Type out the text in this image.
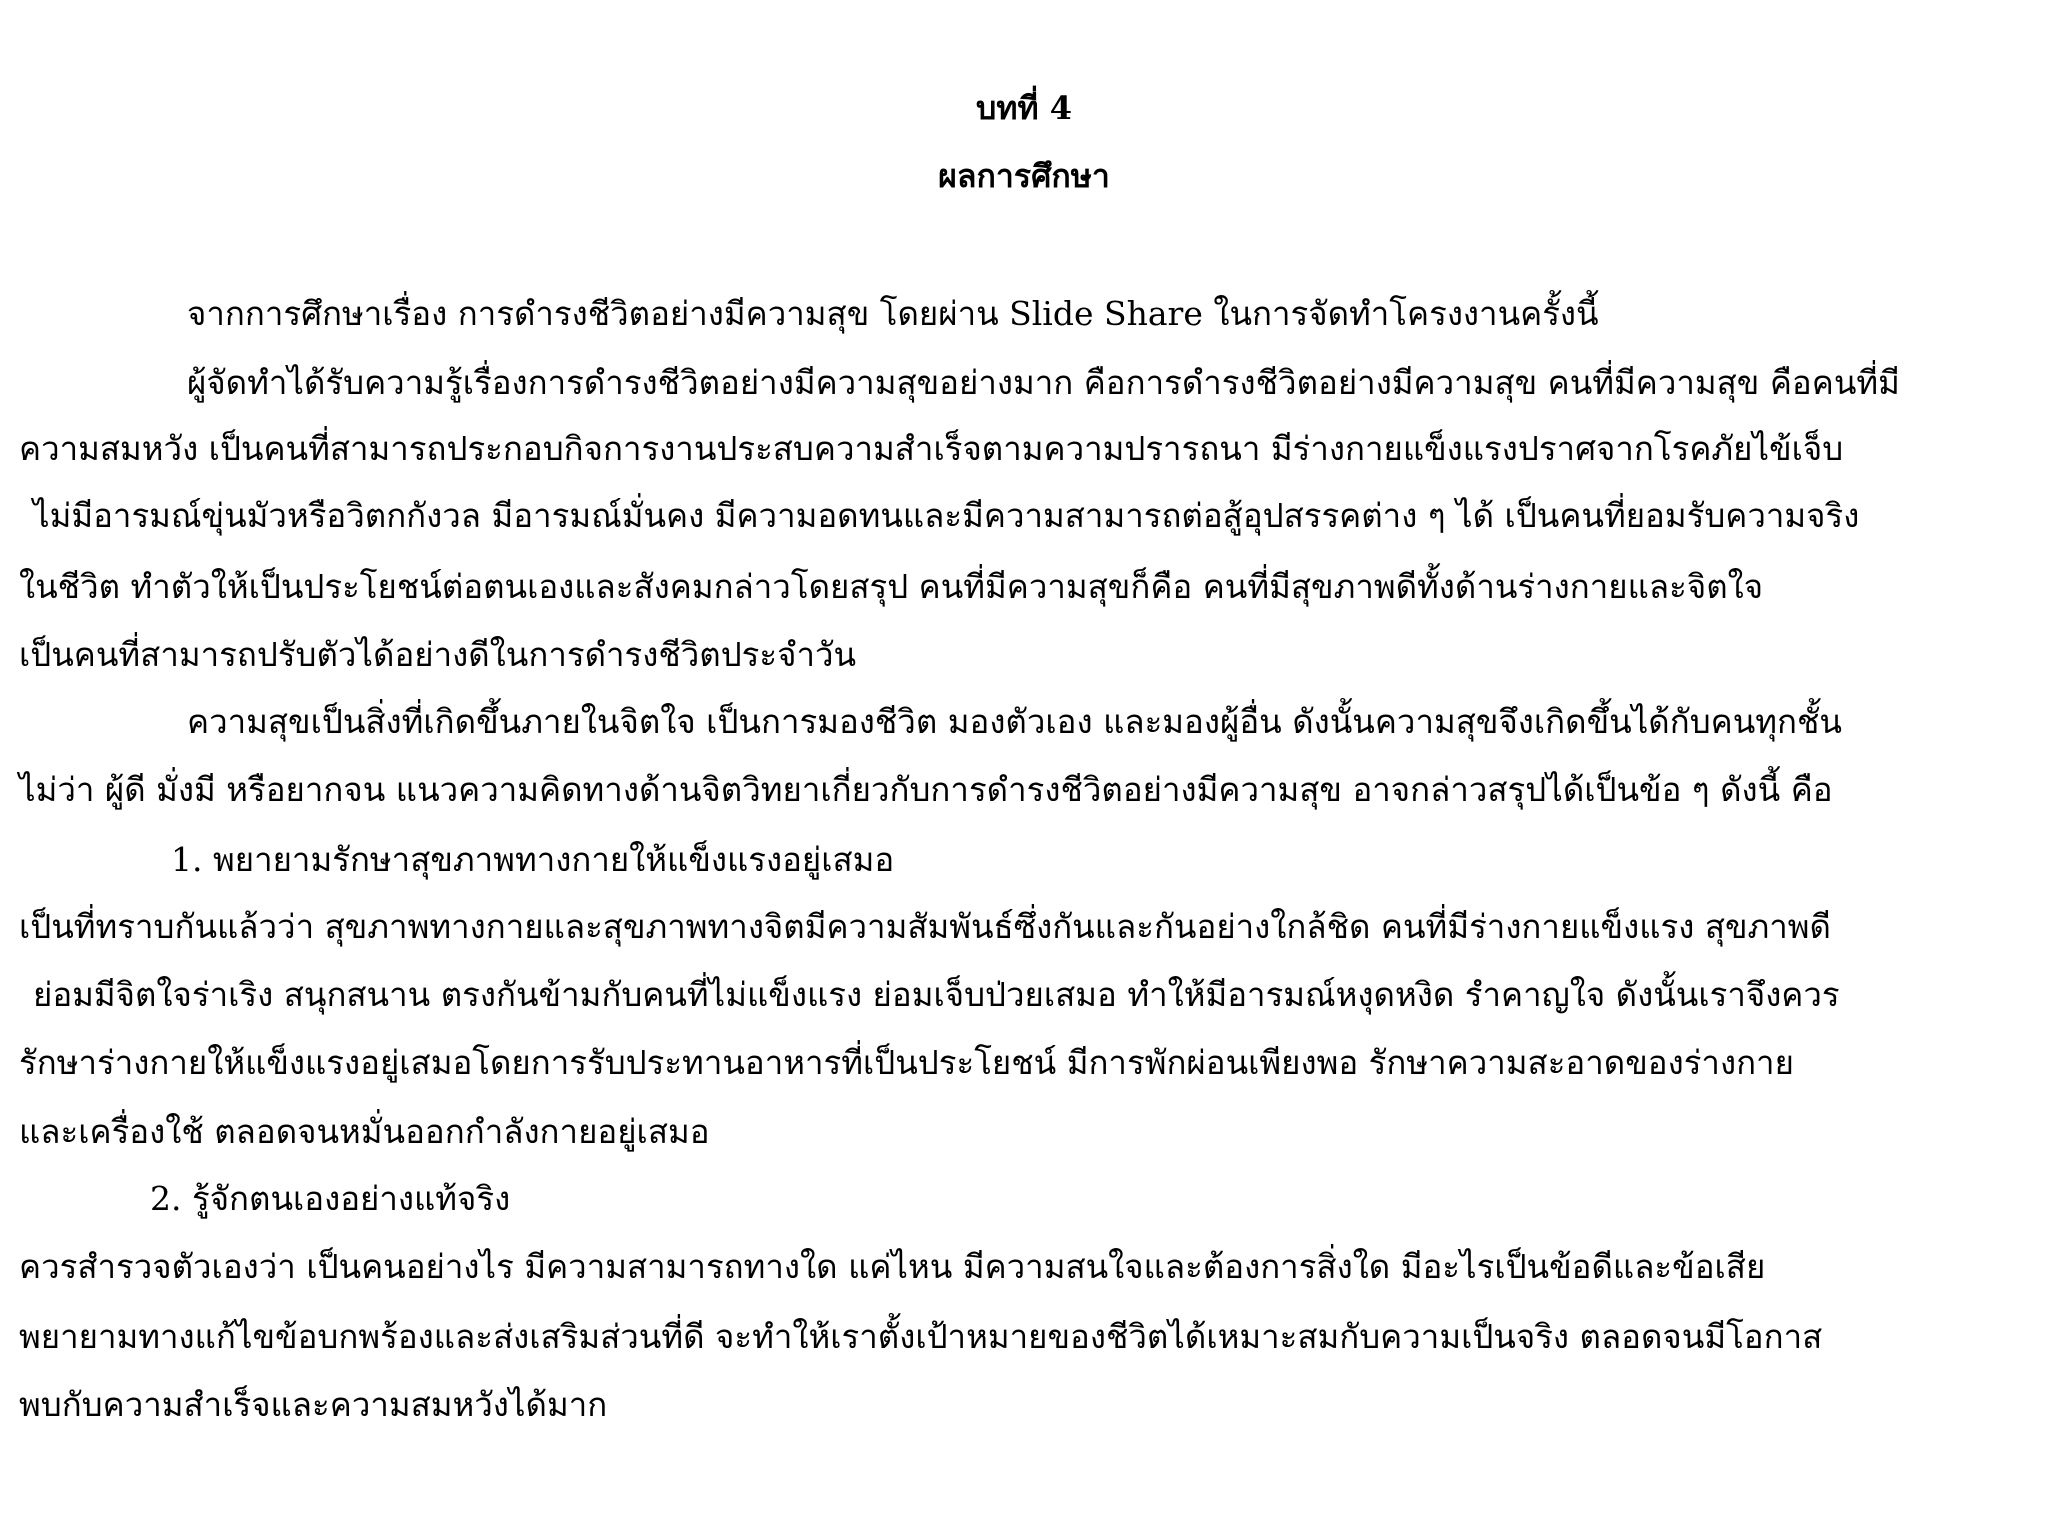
บทที่ 4
ผลการศึกษา
จากการศึกษาเรื่อง การดำรงชีวิตอย่างมีความสุข โดยผ่าน Slide Share ในการจัดทำโครงงานครั้งนี้
ผู้จัดทำได้รับความรู้เรื่องการดำรงชีวิตอย่างมีความสุขอย่างมาก คือการดำรงชีวิตอย่างมีความสุข คนที่มีความสุข คือคนที่มี
ความสมหวัง เป็นคนที่สามารถประกอบกิจการงานประสบความสำเร็จตามความปรารถนา มีร่างกายแข็งแรงปราศจากโรคภัยไข้เจ็บ
ไม่มีอารมณ์ขุ่นมัวหรือวิตกกังวล มีอารมณ์มั่นคง มีความอดทนและมีความสามารถต่อสู้อุปสรรคต่าง ๆ ได้ เป็นคนที่ยอมรับความจริง
ในชีวิต ทำตัวให้เป็นประโยชน์ต่อตนเองและสังคมกล่าวโดยสรุป คนที่มีความสุขก็คือ คนที่มีสุขภาพดีทั้งด้านร่างกายและจิตใจ
เป็นคนที่สามารถปรับตัวได้อย่างดีในการดำรงชีวิตประจำวัน
ความสุขเป็นสิ่งที่เกิดขึ้นภายในจิตใจ เป็นการมองชีวิต มองตัวเอง และมองผู้อื่น ดังนั้นความสุขจึงเกิดขึ้นได้กับคนทุกชั้น
ไม่ว่า ผู้ดี มั่งมี หรือยากจน แนวความคิดทางด้านจิตวิทยาเกี่ยวกับการดำรงชีวิตอย่างมีความสุข อาจกล่าวสรุปได้เป็นข้อ ๆ ดังนี้ คือ
1. พยายามรักษาสุขภาพทางกายให้แข็งแรงอยู่เสมอ
เป็นที่ทราบกันแล้วว่า สุขภาพทางกายและสุขภาพทางจิตมีความสัมพันธ์ซึ่งกันและกันอย่างใกล้ชิด คนที่มีร่างกายแข็งแรง สุขภาพดี
ย่อมมีจิตใจร่าเริง สนุกสนาน ตรงกันข้ามกับคนที่ไม่แข็งแรง ย่อมเจ็บป่วยเสมอ ทำให้มีอารมณ์หงุดหงิด รำคาญใจ ดังนั้นเราจึงควร
รักษาร่างกายให้แข็งแรงอยู่เสมอโดยการรับประทานอาหารที่เป็นประโยชน์ มีการพักผ่อนเพียงพอ รักษาความสะอาดของร่างกาย
และเครื่องใช้ ตลอดจนหมั่นออกกำลังกายอยู่เสมอ
2. รู้จักตนเองอย่างแท้จริง
ควรสำรวจตัวเองว่า เป็นคนอย่างไร มีความสามารถทางใด แค่ไหน มีความสนใจและต้องการสิ่งใด มีอะไรเป็นข้อดีและข้อเสีย
พยายามทางแก้ไขข้อบกพร้องและส่งเสริมส่วนที่ดี จะทำให้เราตั้งเป้าหมายของชีวิตได้เหมาะสมกับความเป็นจริง ตลอดจนมีโอกาส
พบกับความสำเร็จและความสมหวังได้มาก
